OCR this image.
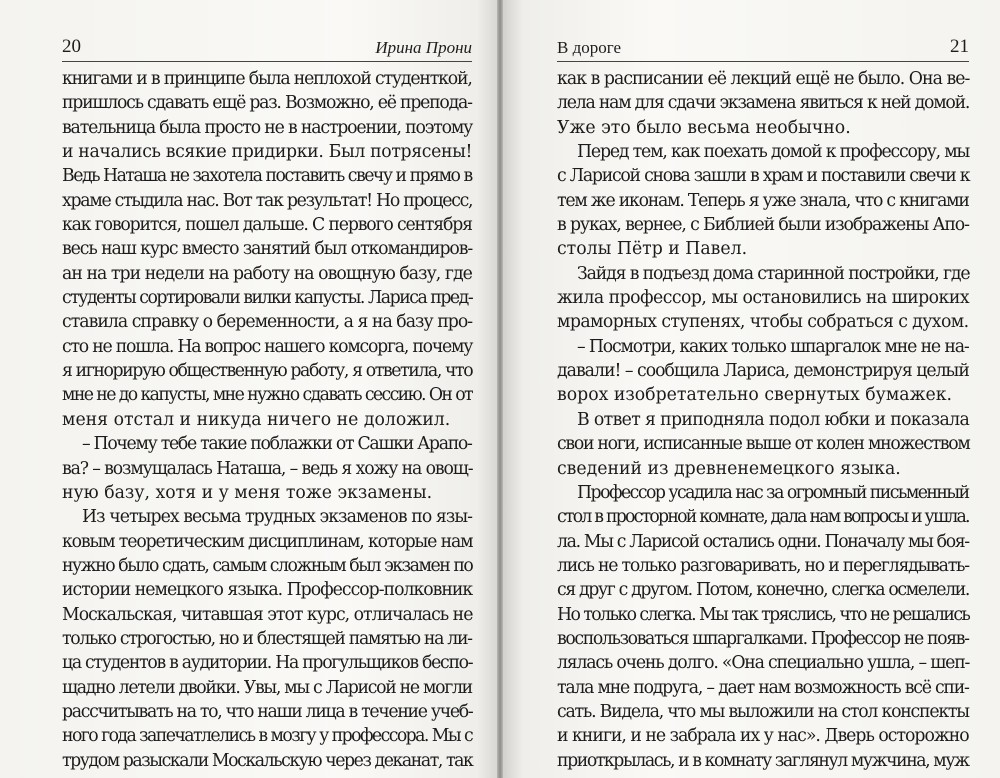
20	Ирина Прони
книгами и в принципе была неплохой студенткой,
пришлось сдавать ещё раз. Возможно, её препода-
вательница была просто не в настроении, поэтому
и начались всякие придирки. Был потрясены!
Ведь Наташа не захотела поставить свечу и прямо в
храме стыдила нас. Вот так результат! Но процесс,
как говорится, пошел дальше. С первого сентября
весь наш курс вместо занятий был откомандиров-
ан на три недели на работу на овощную базу, где
студенты сортировали вилки капусты. Лариса пред-
ставила справку о беременности, а я на базу про-
сто не пошла. На вопрос нашего комсорга, почему
я игнорирую общественную работу, я ответила, что
мне не до капусты, мне нужно сдавать сессию. Он от
меня отстал и никуда ничего не доложил.
– Почему тебе такие поблажки от Сашки Арапо-
ва? – возмущалась Наташа, – ведь я хожу на овощ-
ную базу, хотя и у меня тоже экзамены.
Из четырех весьма трудных экзаменов по язы-
ковым теоретическим дисциплинам, которые нам
нужно было сдать, самым сложным был экзамен по
истории немецкого языка. Профессор-полковник
Москальская, читавшая этот курс, отличалась не
только строгостью, но и блестящей памятью на ли-
ца студентов в аудитории. На прогульщиков беспо-
щадно летели двойки. Увы, мы с Ларисой не могли
рассчитывать на то, что наши лица в течение учеб-
ного года запечатлелись в мозгу у профессора. Мы с
трудом разыскали Москальскую через деканат, так
В дороге	21
как в расписании её лекций ещё не было. Она ве-
лела нам для сдачи экзамена явиться к ней домой.
Уже это было весьма необычно.
Перед тем, как поехать домой к профессору, мы
с Ларисой снова зашли в храм и поставили свечи к
тем же иконам. Теперь я уже знала, что с книгами
в руках, вернее, с Библией были изображены Апо-
столы Пётр и Павел.
Зайдя в подъезд дома старинной постройки, где
жила профессор, мы остановились на широких
мраморных ступенях, чтобы собраться с духом.
– Посмотри, каких только шпаргалок мне не на-
давали! – сообщила Лариса, демонстрируя целый
ворох изобретательно свернутых бумажек.
В ответ я приподняла подол юбки и показала
свои ноги, исписанные выше от колен множеством
сведений из древненемецкого языка.
Профессор усадила нас за огромный письменный
стол в просторной комнате, дала нам вопросы и ушла.
ла. Мы с Ларисой остались одни. Поначалу мы боя-
лись не только разговаривать, но и переглядывать-
ся друг с другом. Потом, конечно, слегка осмелели.
Но только слегка. Мы так тряслись, что не решались
воспользоваться шпаргалками. Профессор не появ-
лялась очень долго. «Она специально ушла, – шеп-
тала мне подруга, – дает нам возможность всё спи-
сать. Видела, что мы выложили на стол конспекты
и книги, и не забрала их у нас». Дверь осторожно
приоткрылась, и в комнату заглянул мужчина, муж
